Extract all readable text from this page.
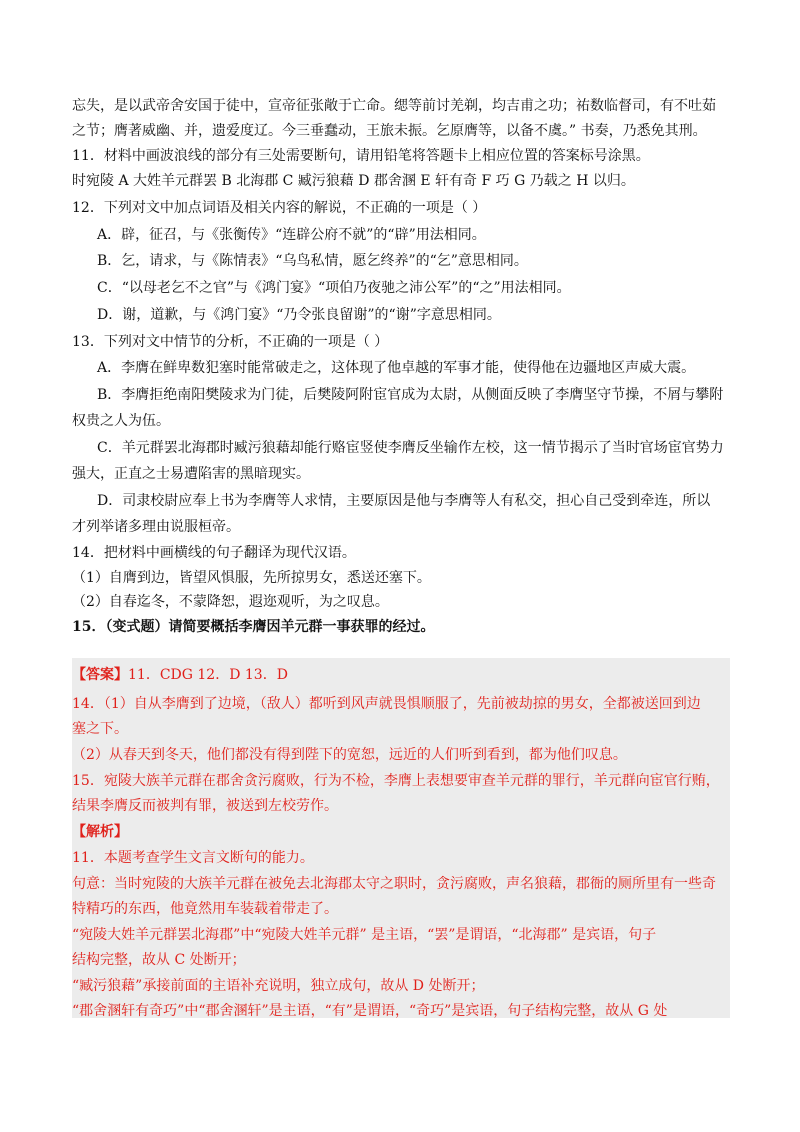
忘失，是以武帝舍安国于徒中，宣帝征张敞于亡命。缌等前讨羌剃，均吉甫之功；祐数临督司，有不吐茹
之节；膺著威幽、并，遗爱度辽。今三垂蠢动，王旅未振。乞原膺等，以备不虞。” 书奏，乃悉免其刑。
11．材料中画波浪线的部分有三处需要断句，请用铅笔将答题卡上相应位置的答案标号涂黑。
时宛陵 A 大姓羊元群罢 B 北海郡 C 臧污狼藉 D 郡舍溷 E 轩有奇 F 巧 G 乃载之 H 以归。
12．下列对文中加点词语及相关内容的解说，不正确的一项是（ ）
A．辟，征召，与《张衡传》“连辟公府不就”的“辟”用法相同。
B．乞，请求，与《陈情表》“乌鸟私情，愿乞终养”的“乞”意思相同。
C．“以母老乞不之官”与《鸿门宴》“项伯乃夜驰之沛公军”的“之”用法相同。
D．谢，道歉，与《鸿门宴》“乃令张良留谢”的“谢”字意思相同。
13．下列对文中情节的分析，不正确的一项是（ ）
A．李膺在鲜卑数犯塞时能常破走之，这体现了他卓越的军事才能，使得他在边疆地区声威大震。
B．李膺拒绝南阳樊陵求为门徒，后樊陵阿附宦官成为太尉，从侧面反映了李膺坚守节操，不屑与攀附
权贵之人为伍。
C．羊元群罢北海郡时臧污狼藉却能行赂宦竖使李膺反坐输作左校，这一情节揭示了当时官场宦官势力
强大，正直之士易遭陷害的黑暗现实。
D．司隶校尉应奉上书为李膺等人求情，主要原因是他与李膺等人有私交，担心自己受到牵连，所以
才列举诸多理由说服桓帝。
14．把材料中画横线的句子翻译为现代汉语。
（1）自膺到边，皆望风惧服，先所掠男女，悉送还塞下。
（2）自春迄冬，不蒙降恕，遐迩观听，为之叹息。
15．（变式题）请简要概括李膺因羊元群一事获罪的经过。
【答案】11．CDG 12．D 13．D
14．（1）自从李膺到了边境，（敌人）都听到风声就畏惧顺服了，先前被劫掠的男女，全都被送回到边
塞之下。
（2）从春天到冬天，他们都没有得到陛下的宽恕，远近的人们听到看到，都为他们叹息。
15．宛陵大族羊元群在郡舍贪污腐败，行为不检，李膺上表想要审查羊元群的罪行，羊元群向宦官行贿，
结果李膺反而被判有罪，被送到左校劳作。
【解析】
11．本题考查学生文言文断句的能力。
句意：当时宛陵的大族羊元群在被免去北海郡太守之职时，贪污腐败，声名狼藉，郡衙的厕所里有一些奇
特精巧的东西，他竟然用车装载着带走了。
“宛陵大姓羊元群罢北海郡”中“宛陵大姓羊元群” 是主语，“罢”是谓语，“北海郡” 是宾语，句子
结构完整，故从 C 处断开；
“臧污狼藉”承接前面的主语补充说明，独立成句，故从 D 处断开；
“郡舍溷轩有奇巧”中“郡舍溷轩”是主语，“有”是谓语，“奇巧”是宾语，句子结构完整，故从 G 处
